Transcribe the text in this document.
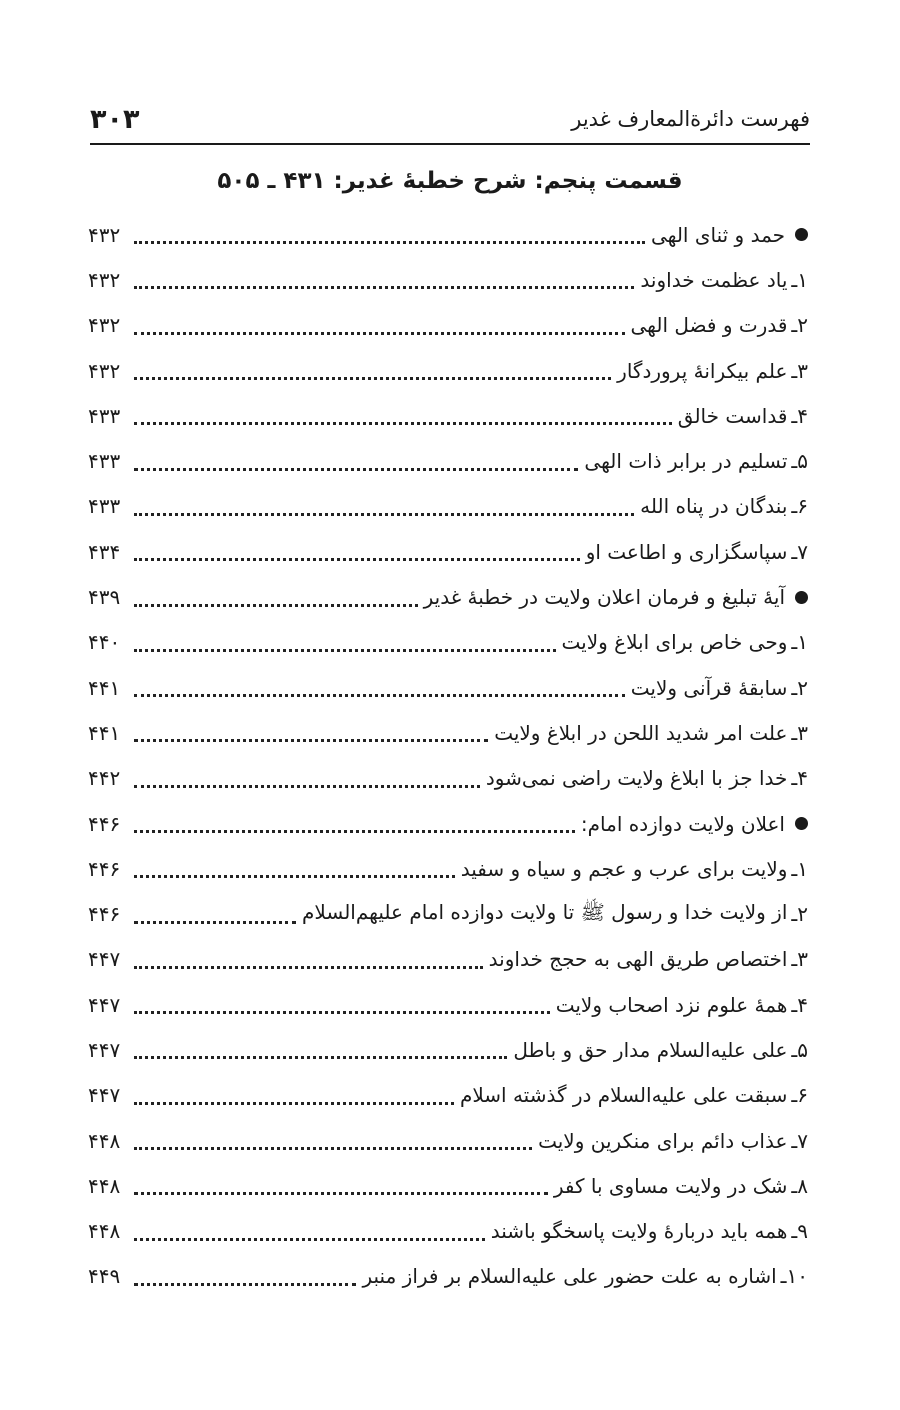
فهرست دائرةالمعارف غدیر
۳۰۳
قسمت پنجم: شرح خطبۀ غدیر: ۴۳۱ ـ ۵۰۵
حمد و ثنای الهی
۴۳۲
۱ـ
یاد عظمت خداوند
۴۳۲
۲ـ
قدرت و فضل الهی
۴۳۲
۳ـ
علم بیکرانۀ پروردگار
۴۳۲
۴ـ
قداست خالق
۴۳۳
۵ـ
تسلیم در برابر ذات الهی
۴۳۳
۶ـ
بندگان در پناه الله
۴۳۳
۷ـ
سپاسگزاری و اطاعت او
۴۳۴
آیۀ تبلیغ و فرمان اعلان ولایت در خطبۀ غدیر
۴۳۹
۱ـ
وحی خاص برای ابلاغ ولایت
۴۴۰
۲ـ
سابقۀ قرآنی ولایت
۴۴۱
۳ـ
علت امر شدید اللحن در ابلاغ ولایت
۴۴۱
۴ـ
خدا جز با ابلاغ ولایت راضی نمی‌شود
۴۴۲
اعلان ولایت دوازده امام:
۴۴۶
۱ـ
ولایت برای عرب و عجم و سیاه و سفید
۴۴۶
۲ـ
از ولایت خدا و رسول ﷺ تا ولایت دوازده امام علیهم‌السلام
۴۴۶
۳ـ
اختصاص طریق الهی به حجج خداوند
۴۴۷
۴ـ
همۀ علوم نزد اصحاب ولایت
۴۴۷
۵ـ
علی علیه‌السلام مدار حق و باطل
۴۴۷
۶ـ
سبقت علی علیه‌السلام در گذشته اسلام
۴۴۷
۷ـ
عذاب دائم برای منکرین ولایت
۴۴۸
۸ـ
شک در ولایت مساوی با کفر
۴۴۸
۹ـ
همه باید دربارۀ ولایت پاسخگو باشند
۴۴۸
۱۰ـ
اشاره به علت حضور علی علیه‌السلام بر فراز منبر
۴۴۹
